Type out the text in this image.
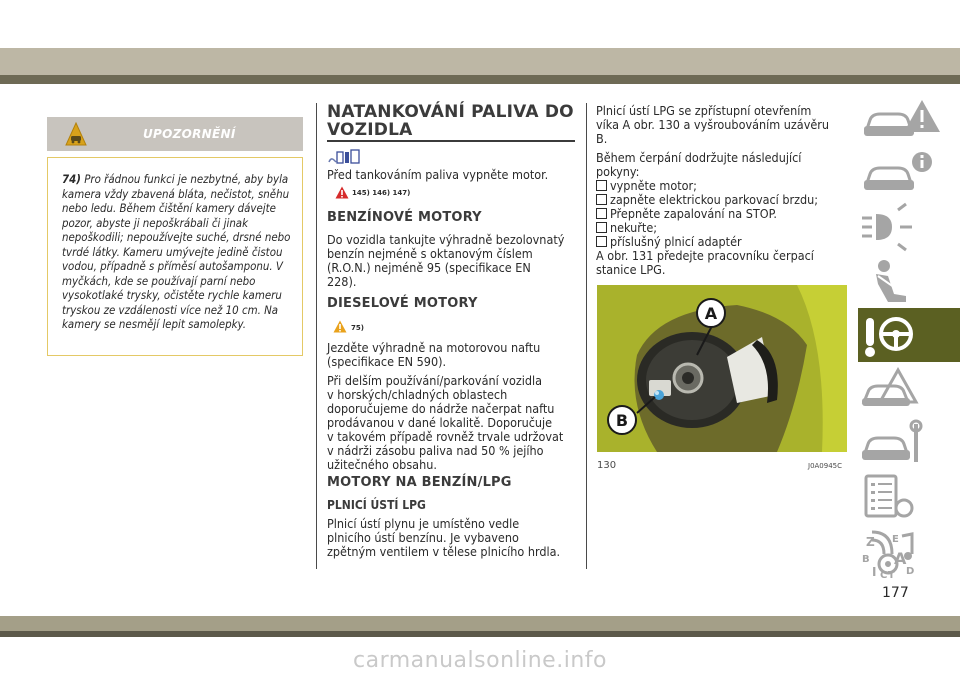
UPOZORNĚNÍ
74) Pro řádnou funkci je nezbytné, aby byla kamera vždy zbavená bláta, nečistot, sněhu nebo ledu. Během čištění kamery dávejte pozor, abyste ji nepoškrábali či jinak nepoškodili; nepoužívejte suché, drsné nebo tvrdé látky. Kameru umývejte jedině čistou vodou, případně s příměsí autošamponu. V myčkách, kde se používají parní nebo vysokotlaké trysky, očistěte rychle kameru tryskou ze vzdálenosti více než 10 cm. Na kamery se nesmějí lepit samolepky.
NATANKOVÁNÍ PALIVA DO
VOZIDLA
Před tankováním paliva vypněte motor.
145) 146) 147)
BENZÍNOVÉ MOTORY
Do vozidla tankujte výhradně bezolovnatý
benzín nejméně s oktanovým číslem
(R.O.N.) nejméně 95 (specifikace EN
228).
DIESELOVÉ MOTORY
75)
Jezděte výhradně na motorovou naftu
(specifikace EN 590).
Při delším používání/parkování vozidla
v horských/chladných oblastech
doporučujeme do nádrže načerpat naftu
prodávanou v dané lokalitě. Doporučuje
v takovém případě rovněž trvale udržovat
v nádrži zásobu paliva nad 50 % jejího
užitečného obsahu.
MOTORY NA BENZÍN/LPG
PLNICÍ ÚSTÍ LPG
Plnicí ústí plynu je umístěno vedle
plnicího ústí benzínu. Je vybaveno
zpětným ventilem v tělese plnicího hrdla.
Plnicí ústí LPG se zpřístupní otevřením
víka A obr. 130 a vyšroubováním uzávěru
B.
Během čerpání dodržujte následující
pokyny:
vypněte motor;
zapněte elektrickou parkovací brzdu;
Přepněte zapalování na STOP.
nekuřte;
příslušný plnicí adaptér
A obr. 131 předejte pracovníku čerpací
stanice LPG.
A
B
130	J0A0945C
Z E
B A
I C T D
177
carmanualsonline.info
